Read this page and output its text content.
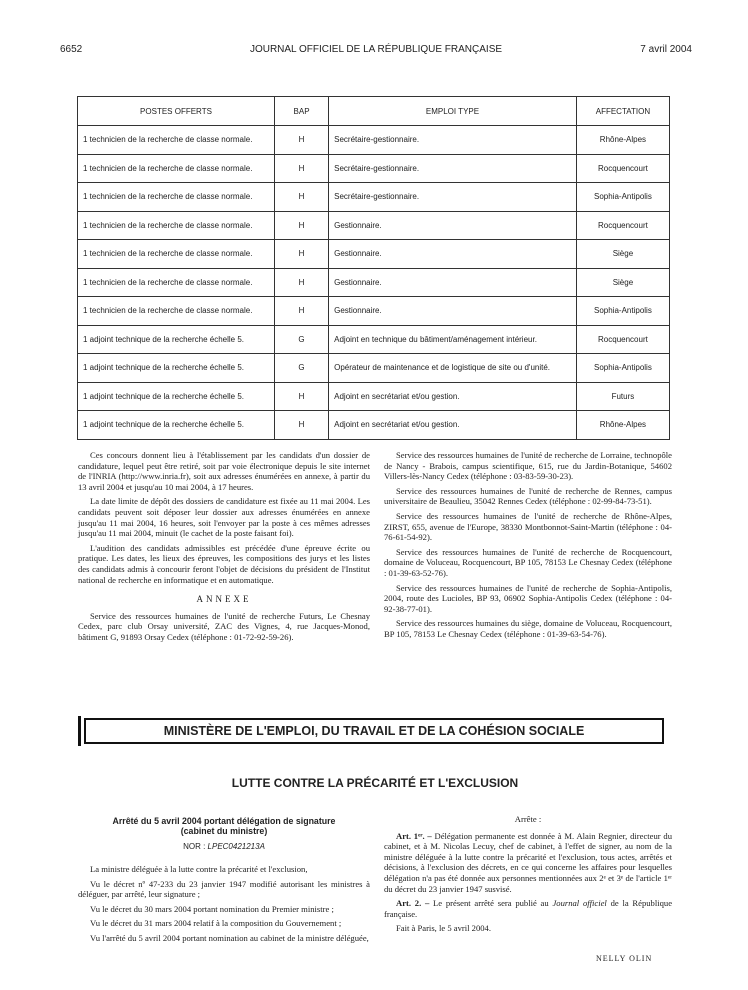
6652	JOURNAL OFFICIEL DE LA RÉPUBLIQUE FRANÇAISE	7 avril 2004
POSTES OFFERTS	BAP	EMPLOI TYPE	AFFECTATION
1 technicien de la recherche de classe normale.	H	Secrétaire-gestionnaire.	Rhône-Alpes
1 technicien de la recherche de classe normale.	H	Secrétaire-gestionnaire.	Rocquencourt
1 technicien de la recherche de classe normale.	H	Secrétaire-gestionnaire.	Sophia-Antipolis
1 technicien de la recherche de classe normale.	H	Gestionnaire.	Rocquencourt
1 technicien de la recherche de classe normale.	H	Gestionnaire.	Siège
1 technicien de la recherche de classe normale.	H	Gestionnaire.	Siège
1 technicien de la recherche de classe normale.	H	Gestionnaire.	Sophia-Antipolis
1 adjoint technique de la recherche échelle 5.	G	Adjoint en technique du bâtiment/aménagement intérieur.	Rocquencourt
1 adjoint technique de la recherche échelle 5.	G	Opérateur de maintenance et de logistique de site ou d'unité.	Sophia-Antipolis
1 adjoint technique de la recherche échelle 5.	H	Adjoint en secrétariat et/ou gestion.	Futurs
1 adjoint technique de la recherche échelle 5.	H	Adjoint en secrétariat et/ou gestion.	Rhône-Alpes

Ces concours donnent lieu à l'établissement par les candidats d'un dossier de candidature, lequel peut être retiré, soit par voie électronique depuis le site internet de l'INRIA (http://www.inria.fr), soit aux adresses énumérées en annexe, à partir du 13 avril 2004 et jusqu'au 10 mai 2004, à 17 heures.

La date limite de dépôt des dossiers de candidature est fixée au 11 mai 2004. Les candidats peuvent soit déposer leur dossier aux adresses énumérées en annexe jusqu'au 11 mai 2004, 16 heures, soit l'envoyer par la poste à ces mêmes adresses jusqu'au 11 mai 2004, minuit (le cachet de la poste faisant foi).

L'audition des candidats admissibles est précédée d'une épreuve écrite ou pratique. Les dates, les lieux des épreuves, les compositions des jurys et les listes des candidats admis à concourir feront l'objet de décisions du président de l'Institut national de recherche en informatique et en automatique.

ANNEXE

Service des ressources humaines de l'unité de recherche Futurs, Le Chesnay Cedex, parc club Orsay université, ZAC des Vignes, 4, rue Jacques-Monod, bâtiment G, 91893 Orsay Cedex (téléphone : 01-72-92-59-26).

Service des ressources humaines de l'unité de recherche de Lorraine, technopôle de Nancy - Brabois, campus scientifique, 615, rue du Jardin-Botanique, 54602 Villers-lès-Nancy Cedex (téléphone : 03-83-59-30-23).

Service des ressources humaines de l'unité de recherche de Rennes, campus universitaire de Beaulieu, 35042 Rennes Cedex (téléphone : 02-99-84-73-51).

Service des ressources humaines de l'unité de recherche de Rhône-Alpes, ZIRST, 655, avenue de l'Europe, 38330 Montbonnot-Saint-Martin (téléphone : 04-76-61-54-92).

Service des ressources humaines de l'unité de recherche de Rocquencourt, domaine de Voluceau, Rocquencourt, BP 105, 78153 Le Chesnay Cedex (téléphone : 01-39-63-52-76).

Service des ressources humaines de l'unité de recherche de Sophia-Antipolis, 2004, route des Lucioles, BP 93, 06902 Sophia-Antipolis Cedex (téléphone : 04-92-38-77-01).

Service des ressources humaines du siège, domaine de Voluceau, Rocquencourt, BP 105, 78153 Le Chesnay Cedex (téléphone : 01-39-63-54-76).

MINISTÈRE DE L'EMPLOI, DU TRAVAIL ET DE LA COHÉSION SOCIALE
LUTTE CONTRE LA PRÉCARITÉ ET L'EXCLUSION
Arrêté du 5 avril 2004 portant délégation de signature
(cabinet du ministre)
NOR : LPEC0421213A

La ministre déléguée à la lutte contre la précarité et l'exclusion,

Vu le décret nº 47-233 du 23 janvier 1947 modifié autorisant les ministres à déléguer, par arrêté, leur signature ;

Vu le décret du 30 mars 2004 portant nomination du Premier ministre ;

Vu le décret du 31 mars 2004 relatif à la composition du Gouvernement ;

Vu l'arrêté du 5 avril 2004 portant nomination au cabinet de la ministre déléguée,

Arrête :

Art. 1ᵉʳ. – Délégation permanente est donnée à M. Alain Regnier, directeur du cabinet, et à M. Nicolas Lecuy, chef de cabinet, à l'effet de signer, au nom de la ministre déléguée à la lutte contre la précarité et l'exclusion, tous actes, arrêtés et décisions, à l'exclusion des décrets, en ce qui concerne les affaires pour lesquelles délégation n'a pas été donnée aux personnes mentionnées aux 2ᵉ et 3ᵉ de l'article 1ᵉʳ du décret du 23 janvier 1947 susvisé.

Art. 2. – Le présent arrêté sera publié au Journal officiel de la République française.

Fait à Paris, le 5 avril 2004.

NELLY OLIN
